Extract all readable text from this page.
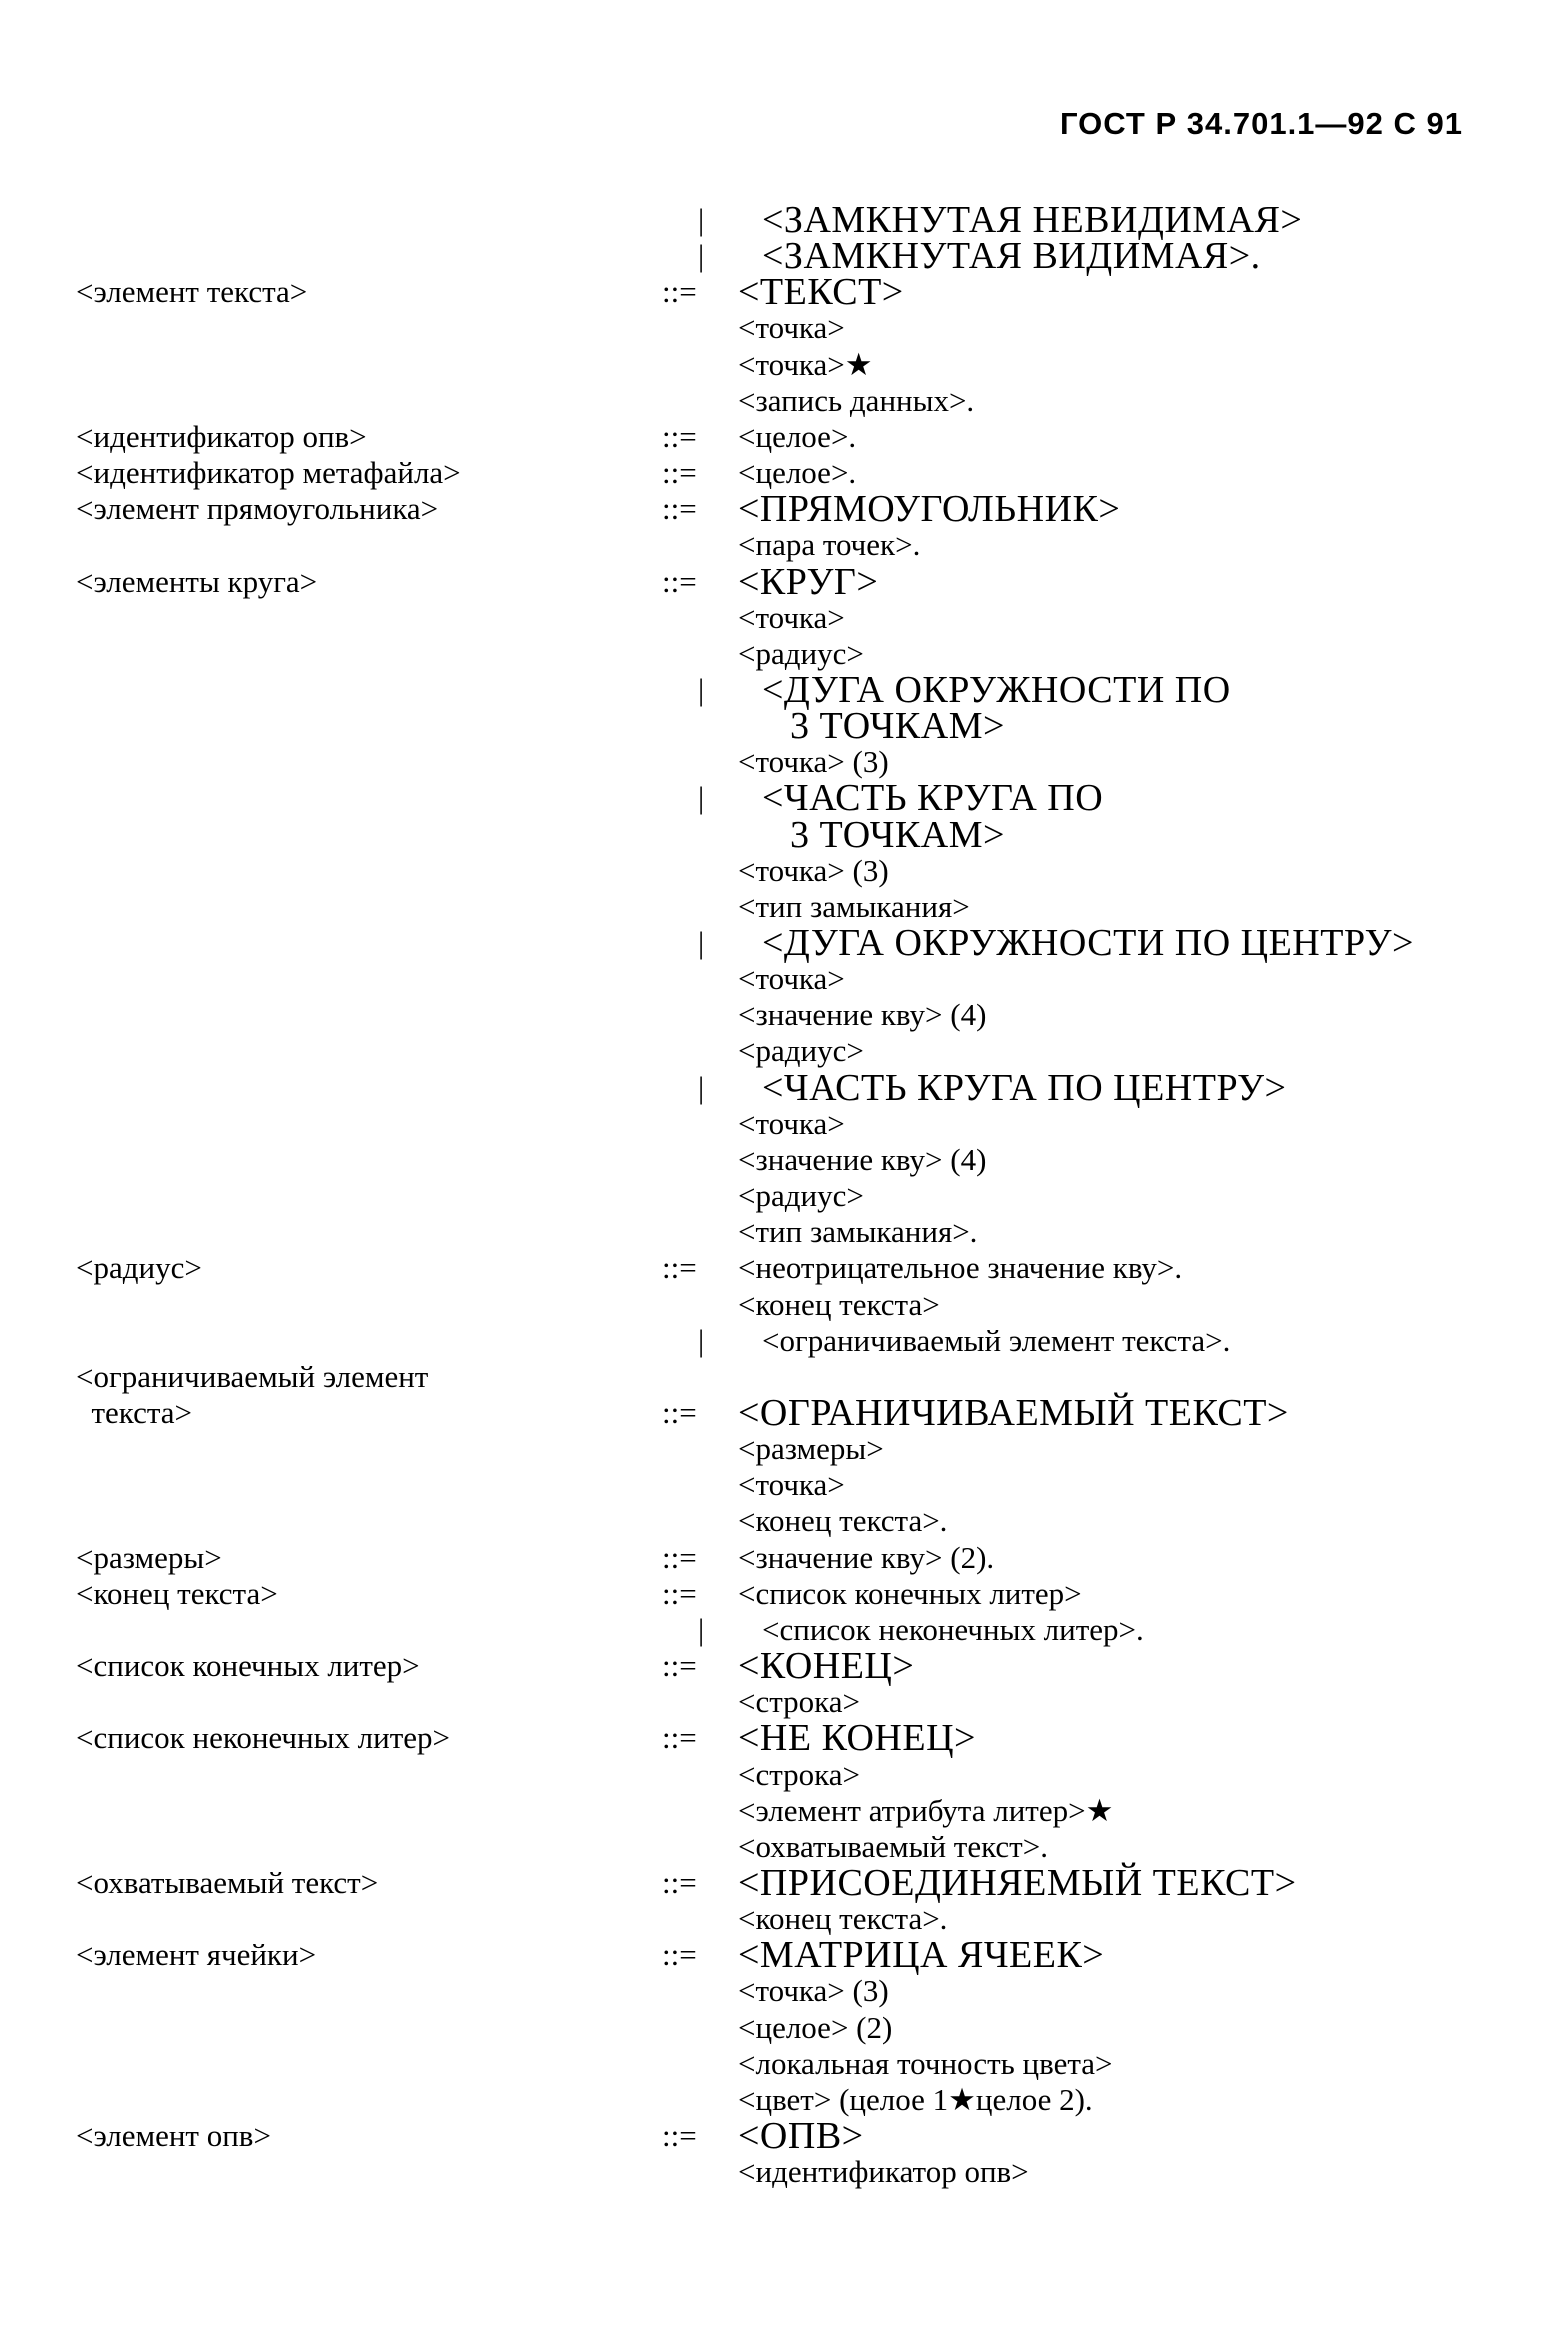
ГОСТ Р 34.701.1—92 С 91
| <ЗАМКНУТАЯ НЕВИДИМАЯ>
| <ЗАМКНУТАЯ ВИДИМАЯ>.
<элемент текста>	::= <ТЕКСТ>
<точка>
<точка>★
<запись данных>.
<идентификатор опв>	::= <целое>.
<идентификатор метафайла>	::= <целое>.
<элемент прямоугольника>	::= <ПРЯМОУГОЛЬНИК>
<пара точек>.
<элементы круга>	::= <КРУГ>
<точка>
<радиус>
| <ДУГА ОКРУЖНОСТИ ПО
3 ТОЧКАМ>
<точка> (3)
| <ЧАСТЬ КРУГА ПО
3 ТОЧКАМ>
<точка> (3)
<тип замыкания>
| <ДУГА ОКРУЖНОСТИ ПО ЦЕНТРУ>
<точка>
<значение кву> (4)
<радиус>
| <ЧАСТЬ КРУГА ПО ЦЕНТРУ>
<точка>
<значение кву> (4)
<радиус>
<тип замыкания>.
<радиус>	::= <неотрицательное значение кву>.
<конец текста>
| <ограничиваемый элемент текста>.
<ограничиваемый элемент
текста>	::= <ОГРАНИЧИВАЕМЫЙ ТЕКСТ>
<размеры>
<точка>
<конец текста>.
<размеры>	::= <значение кву> (2).
<конец текста>	::= <список конечных литер>
| <список неконечных литер>.
<список конечных литер>	::= <КОНЕЦ>
<строка>
<список неконечных литер>	::= <НЕ КОНЕЦ>
<строка>
<элемент атрибута литер>★
<охватываемый текст>.
<охватываемый текст>	::= <ПРИСОЕДИНЯЕМЫЙ ТЕКСТ>
<конец текста>.
<элемент ячейки>	::= <МАТРИЦА ЯЧЕЕК>
<точка> (3)
<целое> (2)
<локальная точность цвета>
<цвет> (целое 1★целое 2).
<элемент опв>	::= <ОПВ>
<идентификатор опв>
